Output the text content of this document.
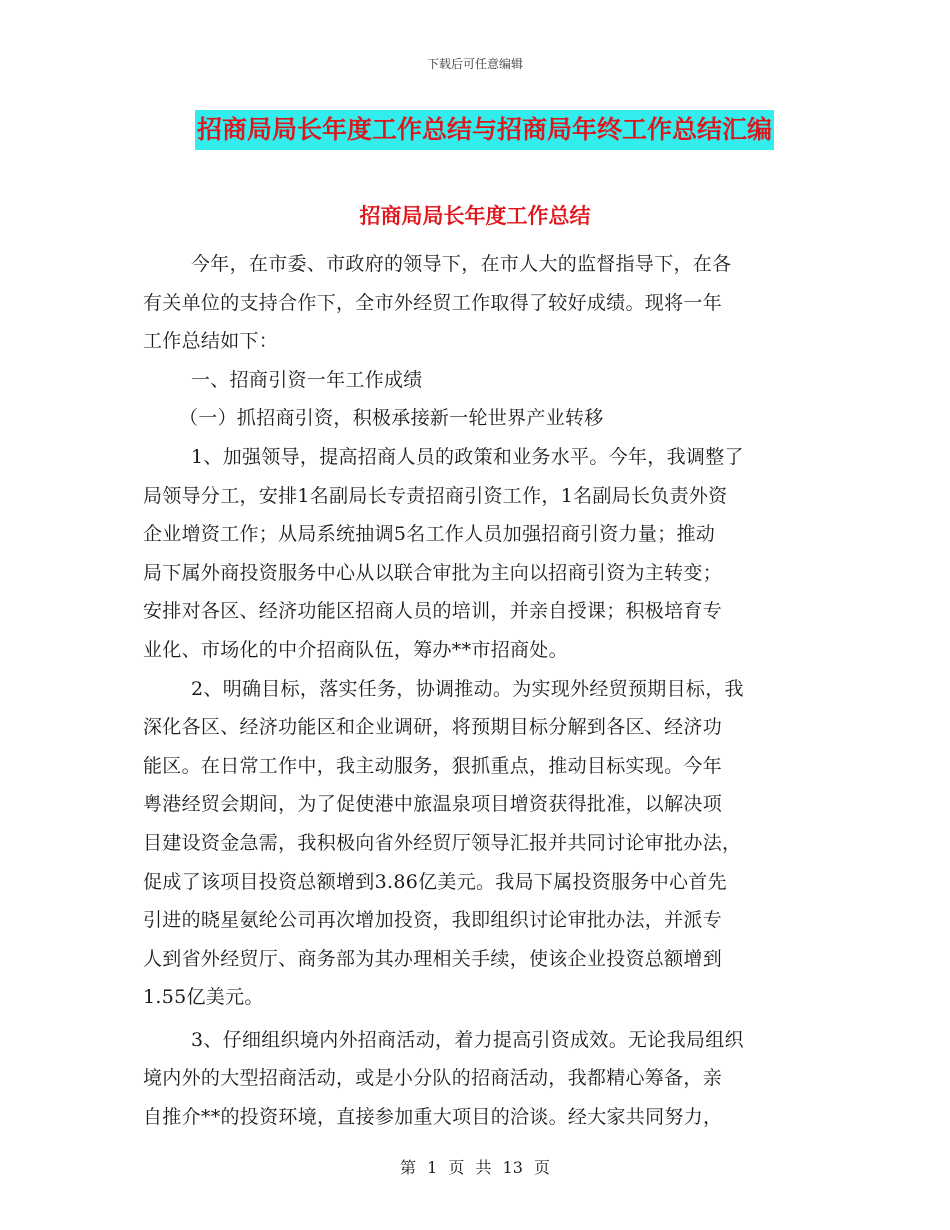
下载后可任意编辑
招商局局长年度工作总结与招商局年终工作总结汇编
招商局局长年度工作总结
今年，在市委、市政府的领导下，在市人大的监督指导下，在各
有关单位的支持合作下，全市外经贸工作取得了较好成绩。现将一年
工作总结如下：
一、招商引资一年工作成绩
（一）抓招商引资，积极承接新一轮世界产业转移
1、加强领导，提高招商人员的政策和业务水平。今年，我调整了
局领导分工，安排1名副局长专责招商引资工作，1名副局长负责外资
企业增资工作；从局系统抽调5名工作人员加强招商引资力量；推动
局下属外商投资服务中心从以联合审批为主向以招商引资为主转变；
安排对各区、经济功能区招商人员的培训，并亲自授课；积极培育专
业化、市场化的中介招商队伍，筹办**市招商处。
2、明确目标，落实任务，协调推动。为实现外经贸预期目标，我
深化各区、经济功能区和企业调研，将预期目标分解到各区、经济功
能区。在日常工作中，我主动服务，狠抓重点，推动目标实现。今年
粤港经贸会期间，为了促使港中旅温泉项目增资获得批准，以解决项
目建设资金急需，我积极向省外经贸厅领导汇报并共同讨论审批办法，
促成了该项目投资总额增到3.86亿美元。我局下属投资服务中心首先
引进的晓星氨纶公司再次增加投资，我即组织讨论审批办法，并派专
人到省外经贸厅、商务部为其办理相关手续，使该企业投资总额增到
1.55亿美元。
3、仔细组织境内外招商活动，着力提高引资成效。无论我局组织
境内外的大型招商活动，或是小分队的招商活动，我都精心筹备，亲
自推介**的投资环境，直接参加重大项目的洽谈。经大家共同努力，
第 1 页 共 13 页
